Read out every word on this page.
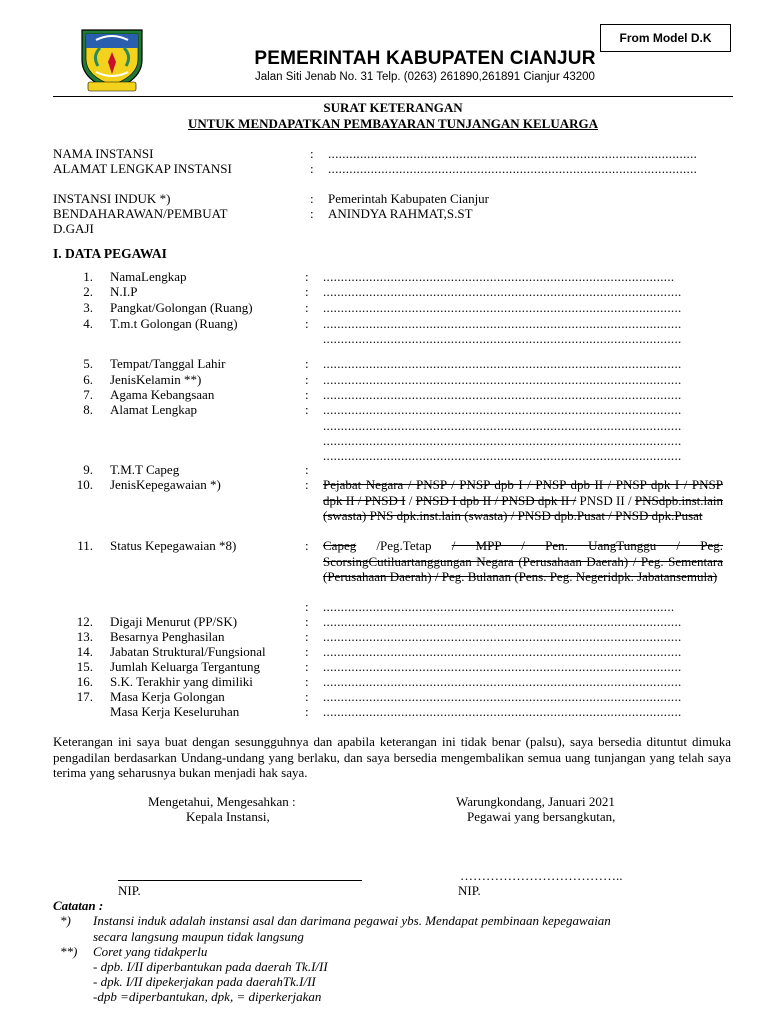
From Model D.K
PEMERINTAH KABUPATEN CIANJUR
Jalan Siti Jenab No. 31 Telp. (0263) 261890,261891 Cianjur 43200
SURAT KETERANGAN
UNTUK MENDAPATKAN PEMBAYARAN TUNJANGAN KELUARGA
NAMA INSTANSI	: ........................................................................................................
ALAMAT LENGKAP INSTANSI	: ........................................................................................................
INSTANSI INDUK *)	: Pemerintah Kabupaten Cianjur
BENDAHARAWAN/PEMBUAT
D.GAJI
: ANINDYA RAHMAT,S.ST
I. DATA PEGAWAI
1. NamaLengkap	: ...................................................................................................
2. N.I.P	: .....................................................................................................
3. Pangkat/Golongan (Ruang)	: .....................................................................................................
4. T.m.t Golongan (Ruang)	: .....................................................................................................
.....................................................................................................
5. Tempat/Tanggal Lahir	: .....................................................................................................
6. JenisKelamin **)	: .....................................................................................................
7. Agama Kebangsaan	: .....................................................................................................
8. Alamat Lengkap	: .....................................................................................................
.....................................................................................................
.....................................................................................................
.....................................................................................................
9. T.M.T Capeg	:
10. JenisKepegawaian *)	: Pejabat Negara / PNSP / PNSP dpb I / PNSP dpb II / PNSP dpk I / PNSP dpk II / PNSD I / PNSD I dpb II / PNSD dpk II / PNSD II / PNSdpb.inst.lain (swasta) PNS dpk.inst.lain (swasta) / PNSD dpb.Pusat / PNSD dpk.Pusat
11. Status Kepegawaian *8)	: Capeg /Peg.Tetap / MPP / Pen. UangTunggu / Peg. ScorsingCutiluartanggungan Negara (Perusahaan Daerah) / Peg. Sementara (Perusahaan Daerah) / Peg. Bulanan (Pens. Peg. Negeridpk. Jabatansemula)
: ...................................................................................................
12. Digaji Menurut (PP/SK)	: .....................................................................................................
13. Besarnya Penghasilan	: .....................................................................................................
14. Jabatan Struktural/Fungsional	: .....................................................................................................
15. Jumlah Keluarga Tergantung	: .....................................................................................................
16. S.K. Terakhir yang dimiliki	: .....................................................................................................
17. Masa Kerja Golongan	: .....................................................................................................
Masa Kerja Keseluruhan	: .....................................................................................................
Keterangan ini saya buat dengan sesungguhnya dan apabila keterangan ini tidak benar (palsu), saya bersedia dituntut dimuka pengadilan berdasarkan Undang-undang yang berlaku, dan saya bersedia mengembalikan semua uang tunjangan yang telah saya terima yang seharusnya bukan menjadi hak saya.
Mengetahui, Mengesahkan :
Kepala Instansi,
Warungkondang, Januari 2021
Pegawai yang bersangkutan,
………………………………..
NIP.	NIP.
Catatan :
*) Instansi induk adalah instansi asal dan darimana pegawai ybs. Mendapat pembinaan kepegawaian
secara langsung maupun tidak langsung
**) Coret yang tidakperlu
- dpb. I/II diperbantukan pada daerah Tk.I/II
- dpk. I/II dipekerjakan pada daerahTk.I/II
-dpb =diperbantukan, dpk, = diperkerjakan
